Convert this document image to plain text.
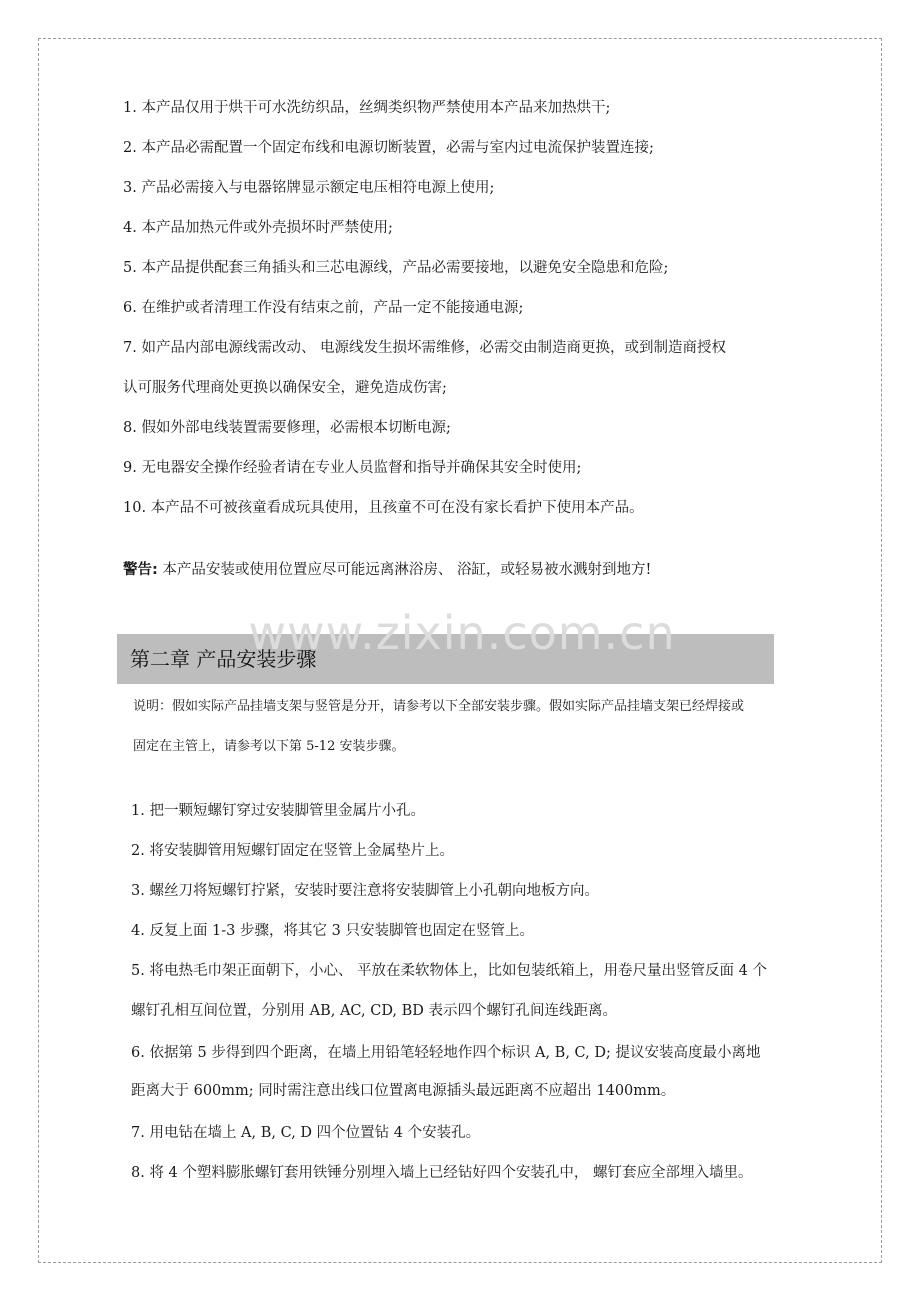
1. 本产品仅用于烘干可水洗纺织品，丝绸类织物严禁使用本产品来加热烘干;
2. 本产品必需配置一个固定布线和电源切断装置，必需与室内过电流保护装置连接;
3. 产品必需接入与电器铭牌显示额定电压相符电源上使用;
4. 本产品加热元件或外壳损坏时严禁使用;
5. 本产品提供配套三角插头和三芯电源线，产品必需要接地，以避免安全隐患和危险;
6. 在维护或者清理工作没有结束之前，产品一定不能接通电源;
7. 如产品内部电源线需改动、 电源线发生损坏需维修，必需交由制造商更换，或到制造商授权
认可服务代理商处更换以确保安全，避免造成伤害;
8. 假如外部电线装置需要修理，必需根本切断电源;
9. 无电器安全操作经验者请在专业人员监督和指导并确保其安全时使用;
10. 本产品不可被孩童看成玩具使用，且孩童不可在没有家长看护下使用本产品。
警告: 本产品安装或使用位置应尽可能远离淋浴房、 浴缸，或轻易被水溅射到地方!
第二章 产品安装步骤
www.zixin.com.cn
说明：假如实际产品挂墙支架与竖管是分开，请参考以下全部安装步骤。假如实际产品挂墙支架已经焊接或
固定在主管上，请参考以下第 5-12 安装步骤。
1. 把一颗短螺钉穿过安装脚管里金属片小孔。
2. 将安装脚管用短螺钉固定在竖管上金属垫片上。
3. 螺丝刀将短螺钉拧紧，安装时要注意将安装脚管上小孔朝向地板方向。
4. 反复上面 1-3 步骤，将其它 3 只安装脚管也固定在竖管上。
5. 将电热毛巾架正面朝下，小心、 平放在柔软物体上，比如包装纸箱上，用卷尺量出竖管反面 4 个
螺钉孔相互间位置，分别用 AB, AC, CD, BD 表示四个螺钉孔间连线距离。
6. 依据第 5 步得到四个距离，在墙上用铅笔轻轻地作四个标识 A, B, C, D; 提议安装高度最小离地
距离大于 600mm; 同时需注意出线口位置离电源插头最远距离不应超出 1400mm。
7. 用电钻在墙上 A, B, C, D 四个位置钻 4 个安装孔。
8. 将 4 个塑料膨胀螺钉套用铁锤分别埋入墙上已经钻好四个安装孔中， 螺钉套应全部埋入墙里。
